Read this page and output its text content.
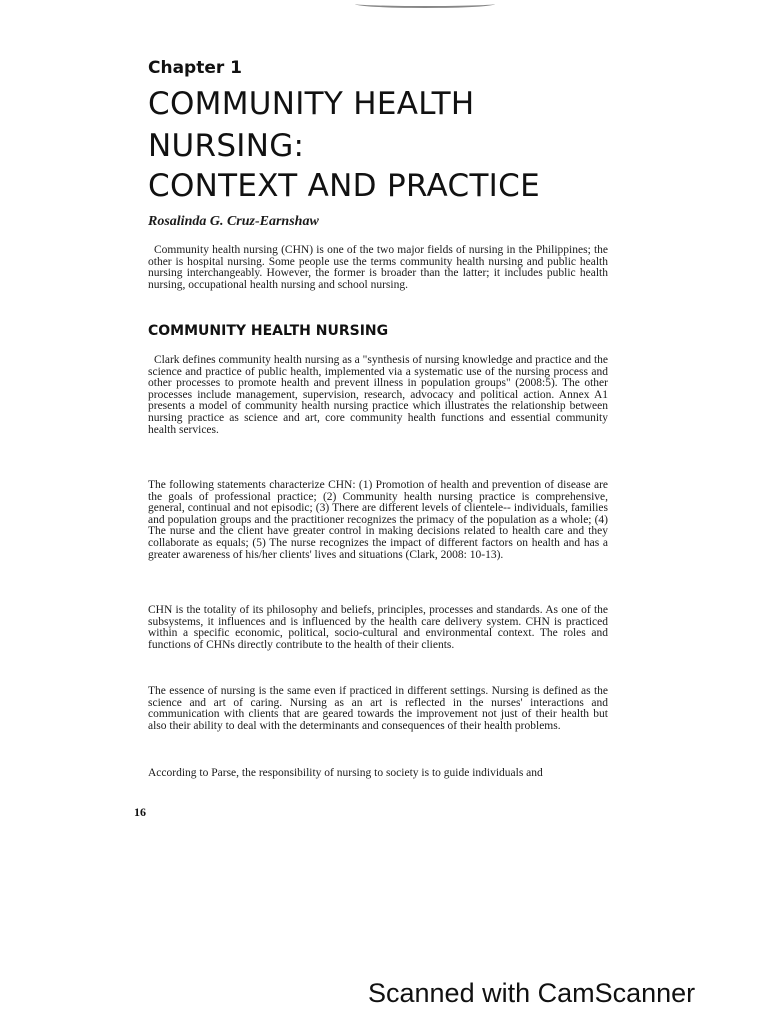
Chapter 1
COMMUNITY HEALTH
NURSING:
CONTEXT AND PRACTICE
Rosalinda G. Cruz-Earnshaw

Community health nursing (CHN) is one of the two major fields of nursing in the Philippines; the other is hospital nursing. Some people use the terms community health nursing and public health nursing interchangeably. However, the former is broader than the latter; it includes public health nursing, occupational health nursing and school nursing.

COMMUNITY HEALTH NURSING

Clark defines community health nursing as a "synthesis of nursing knowledge and practice and the science and practice of public health, implemented via a systematic use of the nursing process and other processes to promote health and prevent illness in population groups" (2008:5). The other processes include management, supervision, research, advocacy and political action. Annex A1 presents a model of community health nursing practice which illustrates the relationship between nursing practice as science and art, core community health functions and essential community health services.

The following statements characterize CHN: (1) Promotion of health and prevention of disease are the goals of professional practice; (2) Community health nursing practice is comprehensive, general, continual and not episodic; (3) There are different levels of clientele-- individuals, families and population groups and the practitioner recognizes the primacy of the population as a whole; (4) The nurse and the client have greater control in making decisions related to health care and they collaborate as equals; (5) The nurse recognizes the impact of different factors on health and has a greater awareness of his/her clients' lives and situations (Clark, 2008: 10-13).

CHN is the totality of its philosophy and beliefs, principles, processes and standards. As one of the subsystems, it influences and is influenced by the health care delivery system. CHN is practiced within a specific economic, political, socio-cultural and environmental context. The roles and functions of CHNs directly contribute to the health of their clients.

The essence of nursing is the same even if practiced in different settings. Nursing is defined as the science and art of caring. Nursing as an art is reflected in the nurses' interactions and communication with clients that are geared towards the improvement not just of their health but also their ability to deal with the determinants and consequences of their health problems.

According to Parse, the responsibility of nursing to society is to guide individuals and

16
Scanned with CamScanner
